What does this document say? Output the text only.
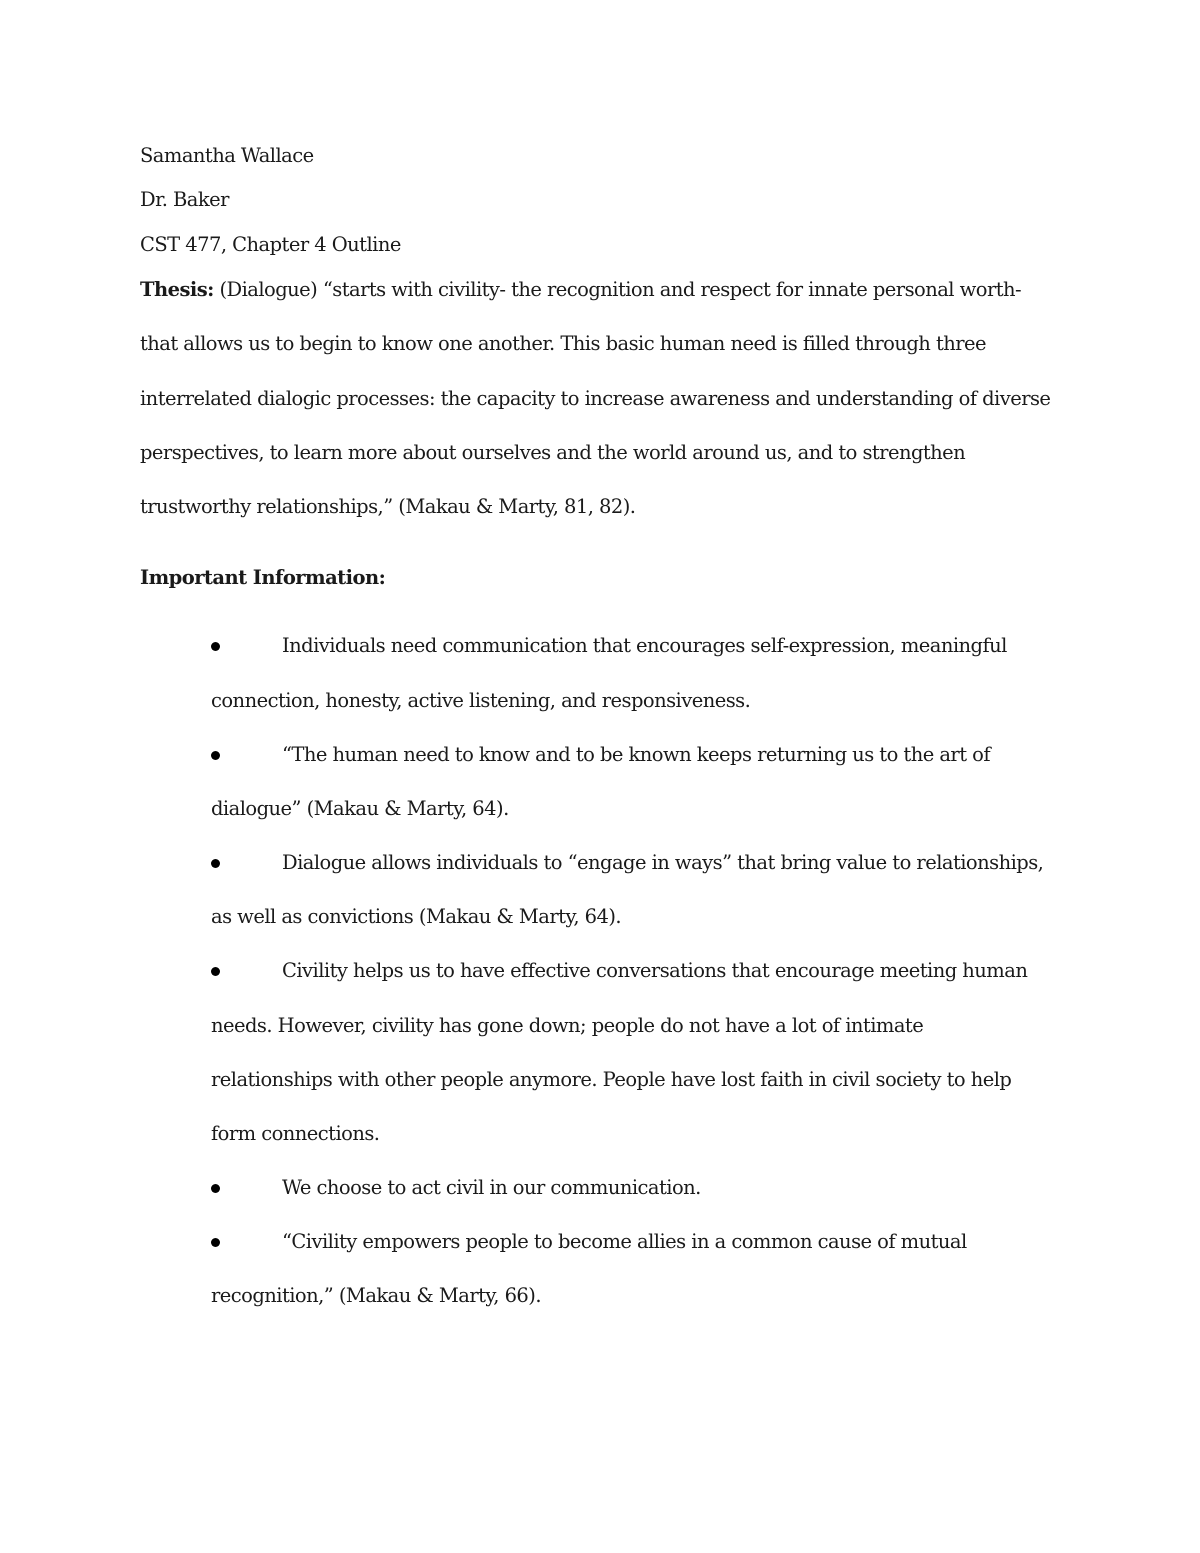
Samantha Wallace
Dr. Baker
CST 477, Chapter 4 Outline
Thesis: (Dialogue) “starts with civility- the recognition and respect for innate personal worth-
that allows us to begin to know one another. This basic human need is filled through three
interrelated dialogic processes: the capacity to increase awareness and understanding of diverse
perspectives, to learn more about ourselves and the world around us, and to strengthen
trustworthy relationships,” (Makau & Marty, 81, 82).
Important Information:
Individuals need communication that encourages self-expression, meaningful
connection, honesty, active listening, and responsiveness.
“The human need to know and to be known keeps returning us to the art of
dialogue” (Makau & Marty, 64).
Dialogue allows individuals to “engage in ways” that bring value to relationships,
as well as convictions (Makau & Marty, 64).
Civility helps us to have effective conversations that encourage meeting human
needs. However, civility has gone down; people do not have a lot of intimate
relationships with other people anymore. People have lost faith in civil society to help
form connections.
We choose to act civil in our communication.
“Civility empowers people to become allies in a common cause of mutual
recognition,” (Makau & Marty, 66).
